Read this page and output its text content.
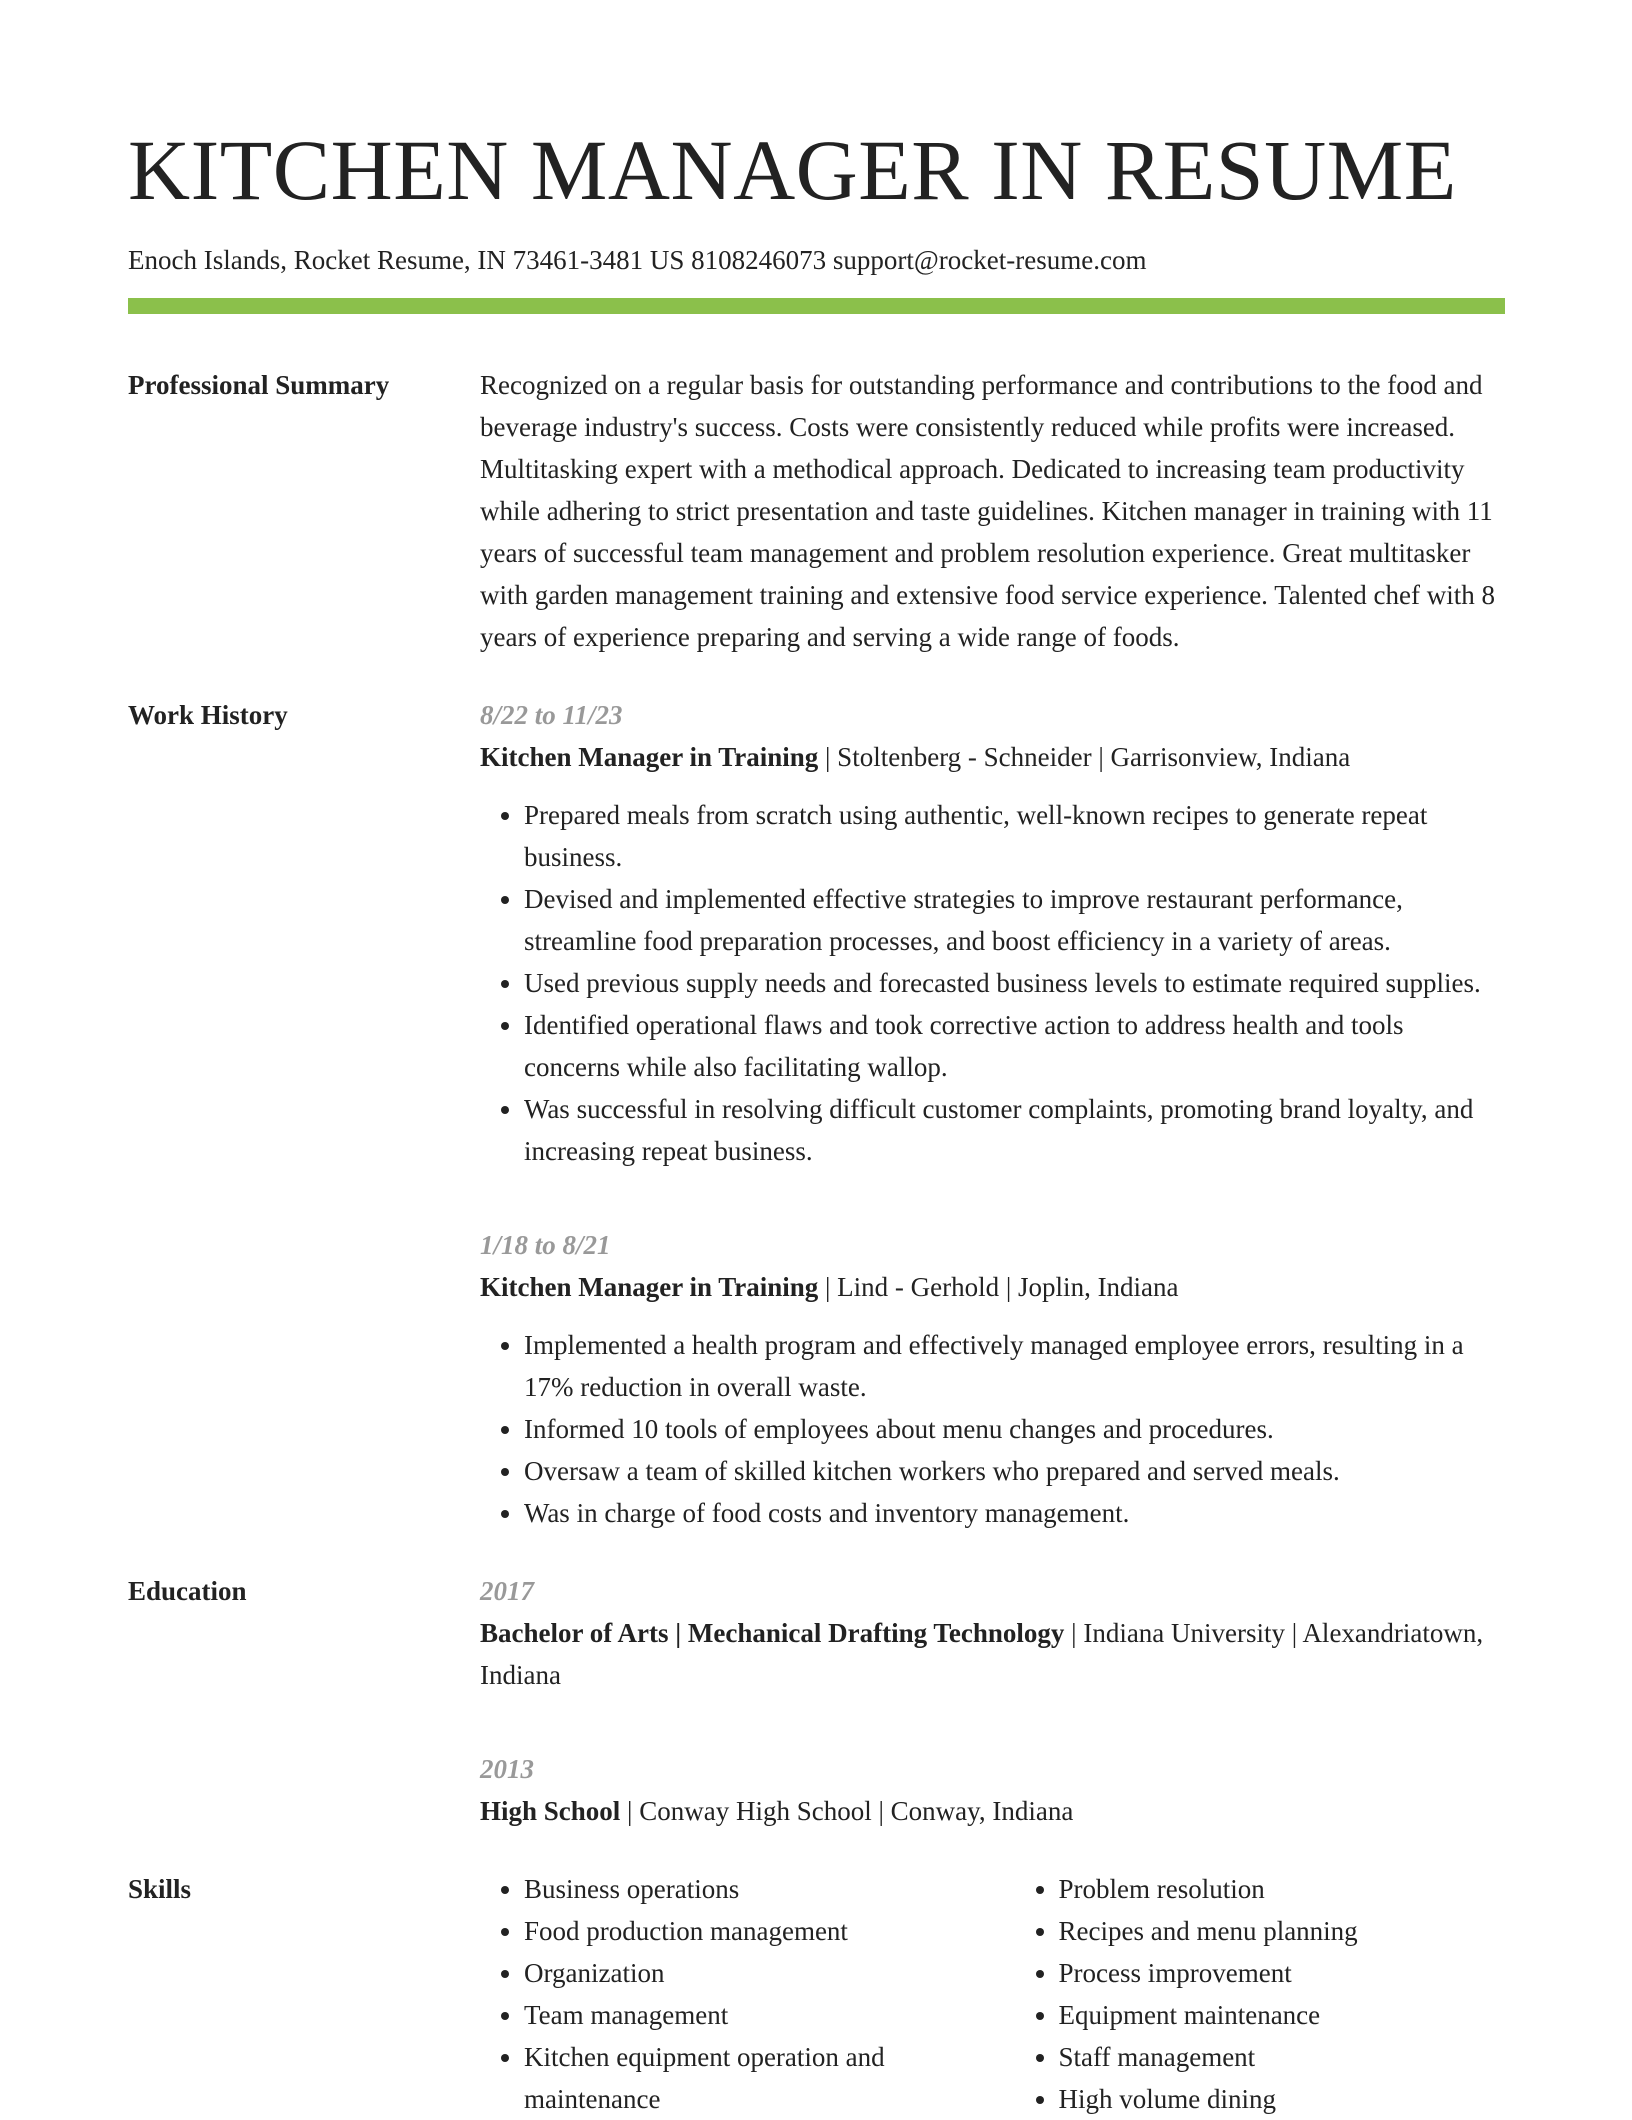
KITCHEN MANAGER IN RESUME
Enoch Islands, Rocket Resume, IN 73461-3481 US 8108246073 support@rocket-resume.com
Professional Summary	Recognized on a regular basis for outstanding performance and contributions to the food and beverage industry's success. Costs were consistently reduced while profits were increased. Multitasking expert with a methodical approach. Dedicated to increasing team productivity while adhering to strict presentation and taste guidelines. Kitchen manager in training with 11 years of successful team management and problem resolution experience. Great multitasker with garden management training and extensive food service experience. Talented chef with 8 years of experience preparing and serving a wide range of foods.

Work History	8/22 to 11/23
Kitchen Manager in Training | Stoltenberg - Schneider | Garrisonview, Indiana
• Prepared meals from scratch using authentic, well-known recipes to generate repeat business.
• Devised and implemented effective strategies to improve restaurant performance, streamline food preparation processes, and boost efficiency in a variety of areas.
• Used previous supply needs and forecasted business levels to estimate required supplies.
• Identified operational flaws and took corrective action to address health and tools concerns while also facilitating wallop.
• Was successful in resolving difficult customer complaints, promoting brand loyalty, and increasing repeat business.
1/18 to 8/21
Kitchen Manager in Training | Lind - Gerhold | Joplin, Indiana
• Implemented a health program and effectively managed employee errors, resulting in a 17% reduction in overall waste.
• Informed 10 tools of employees about menu changes and procedures.
• Oversaw a team of skilled kitchen workers who prepared and served meals.
• Was in charge of food costs and inventory management.
Education	2017
Bachelor of Arts | Mechanical Drafting Technology | Indiana University | Alexandriatown, Indiana
2013
High School | Conway High School | Conway, Indiana
Skills
•	Business operations
• Food production management
• Organization
• Team management
• Kitchen equipment operation and maintenance
• Problem resolution
• Recipes and menu planning
• Process improvement
• Equipment maintenance
• Staff management
• High volume dining
